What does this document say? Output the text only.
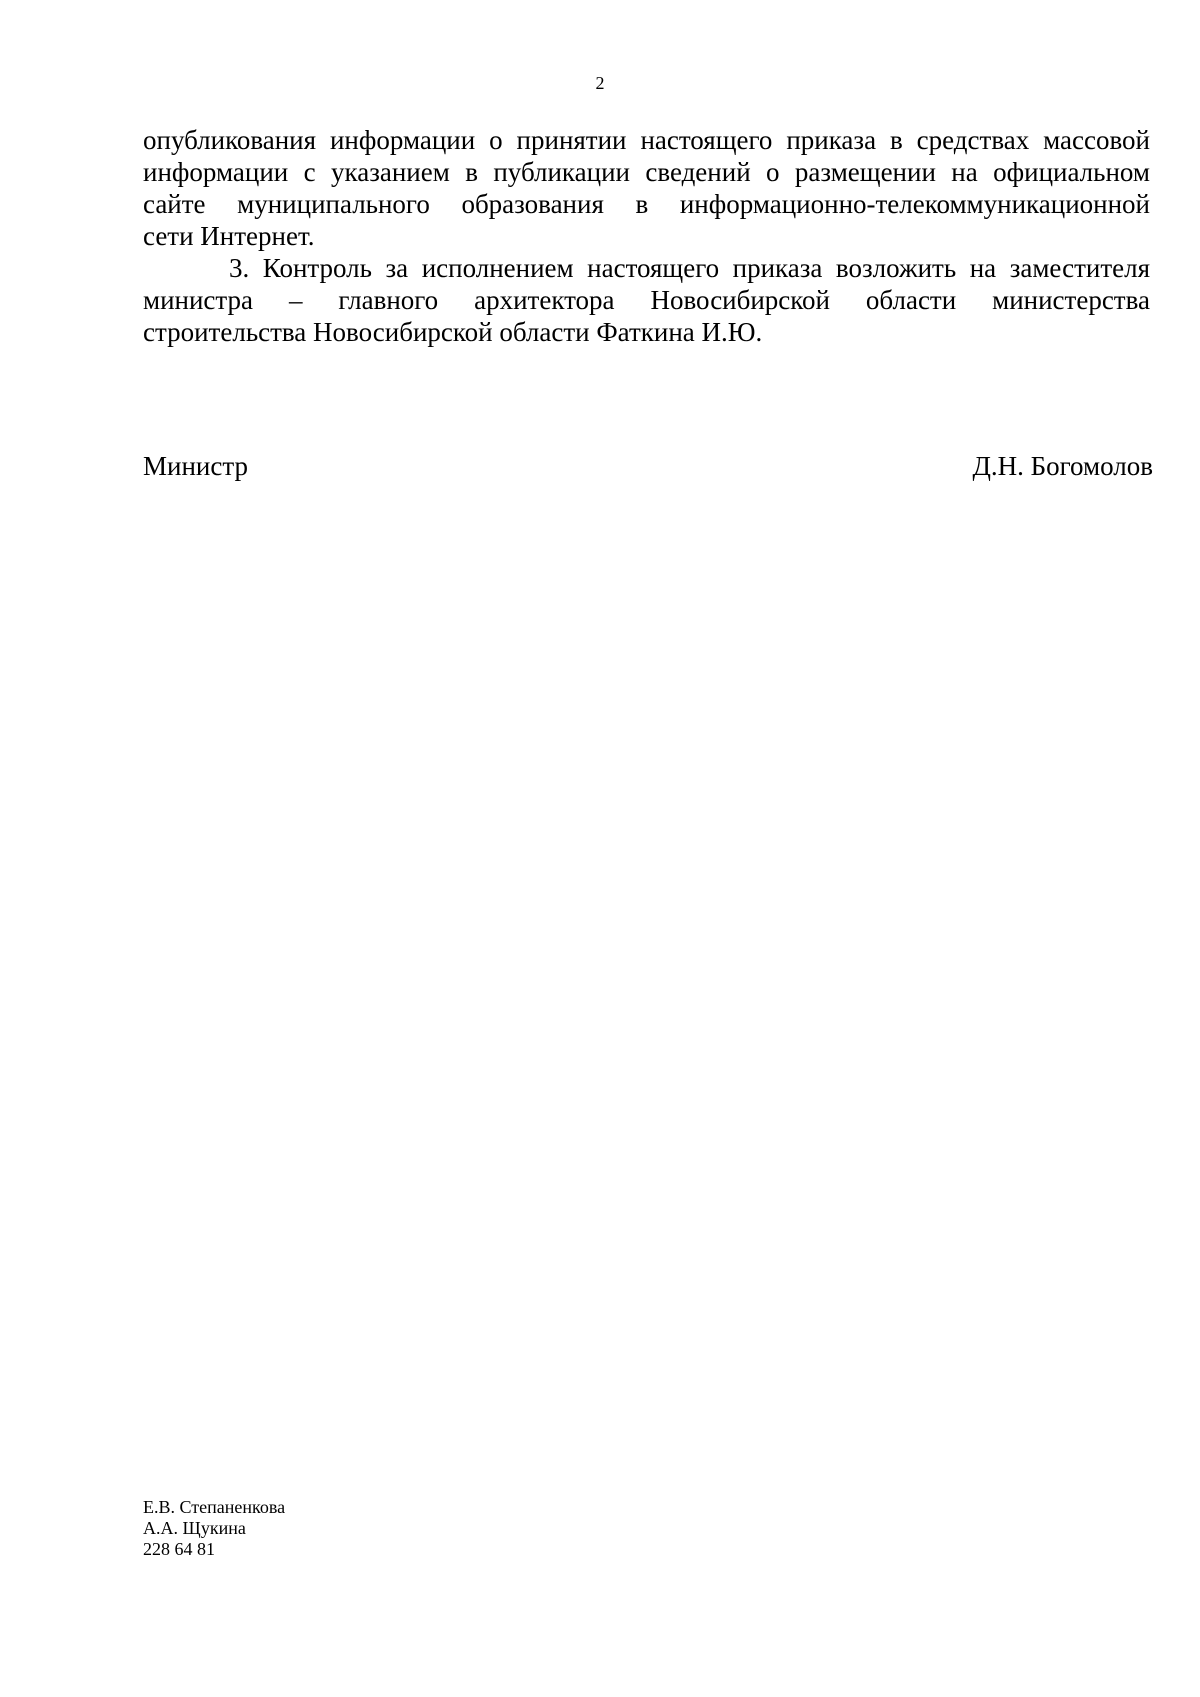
2
опубликования информации о принятии настоящего приказа в средствах массовой
информации с указанием в публикации сведений о размещении на официальном
сайте муниципального образования в информационно-телекоммуникационной
сети Интернет.
3. Контроль за исполнением настоящего приказа возложить на заместителя
министра – главного архитектора Новосибирской области министерства
строительства Новосибирской области Фаткина И.Ю.
Министр	Д.Н. Богомолов
Е.В. Степаненкова
А.А. Щукина
228 64 81
